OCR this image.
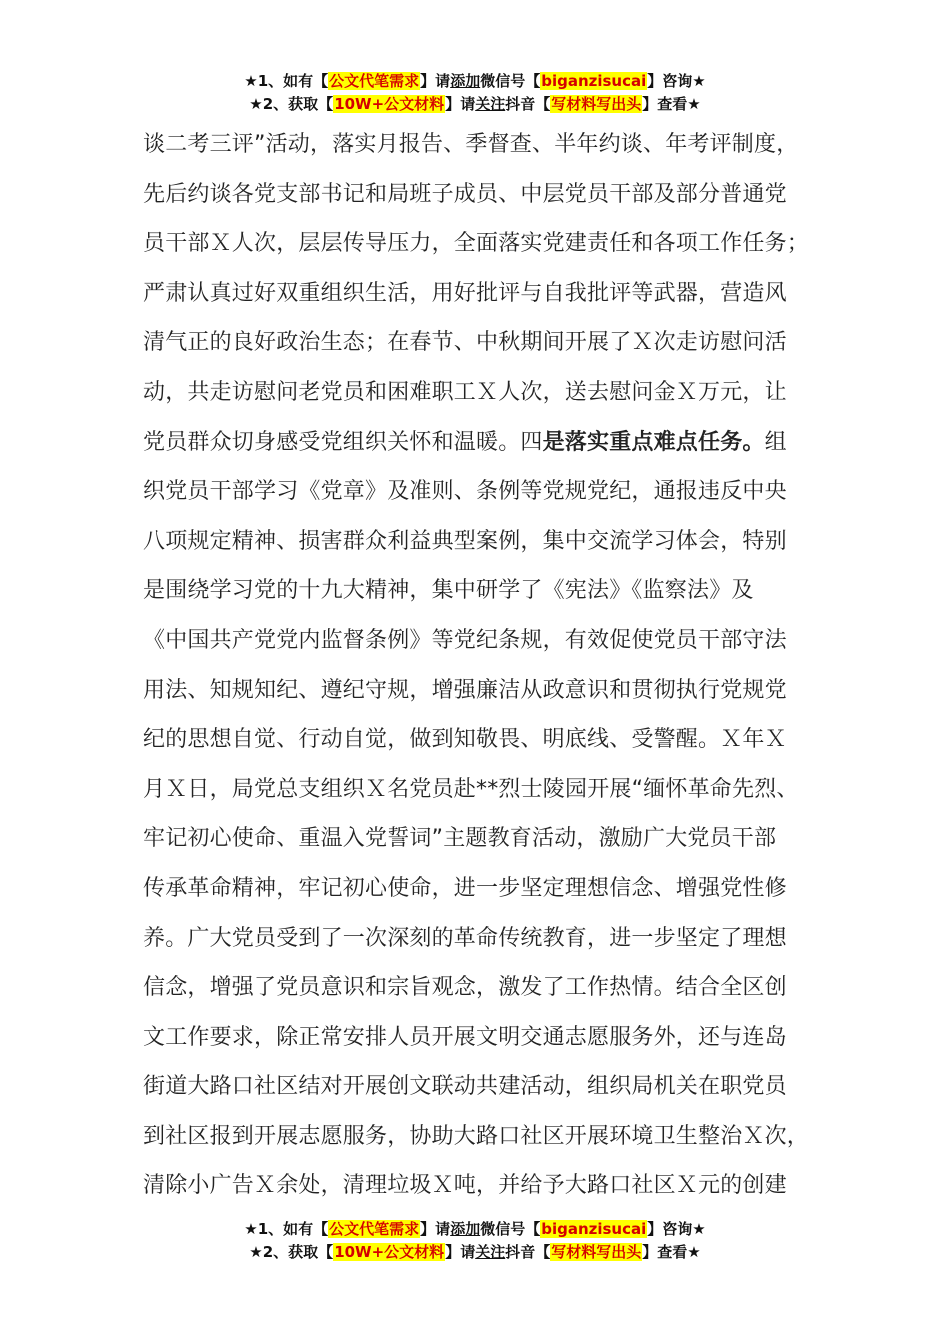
★1、如有【公文代笔需求】请添加微信号【biganzisucai】咨询★
★2、获取【10W+公文材料】请关注抖音【写材料写出头】查看★
谈二考三评”活动，落实月报告、季督查、半年约谈、年考评制度，
先后约谈各党支部书记和局班子成员、中层党员干部及部分普通党
员干部Ｘ人次，层层传导压力，全面落实党建责任和各项工作任务；
严肃认真过好双重组织生活，用好批评与自我批评等武器，营造风
清气正的良好政治生态；在春节、中秋期间开展了Ｘ次走访慰问活
动，共走访慰问老党员和困难职工Ｘ人次，送去慰问金Ｘ万元，让
党员群众切身感受党组织关怀和温暖。四是落实重点难点任务。组
织党员干部学习《党章》及准则、条例等党规党纪，通报违反中央
八项规定精神、损害群众利益典型案例，集中交流学习体会，特别
是围绕学习党的十九大精神，集中研学了《宪法》《监察法》及
《中国共产党党内监督条例》等党纪条规，有效促使党员干部守法
用法、知规知纪、遵纪守规，增强廉洁从政意识和贯彻执行党规党
纪的思想自觉、行动自觉，做到知敬畏、明底线、受警醒。Ｘ年Ｘ
月Ｘ日，局党总支组织Ｘ名党员赴**烈士陵园开展“缅怀革命先烈、
牢记初心使命、重温入党誓词”主题教育活动，激励广大党员干部
传承革命精神，牢记初心使命，进一步坚定理想信念、增强党性修
养。广大党员受到了一次深刻的革命传统教育，进一步坚定了理想
信念，增强了党员意识和宗旨观念，激发了工作热情。结合全区创
文工作要求，除正常安排人员开展文明交通志愿服务外，还与连岛
街道大路口社区结对开展创文联动共建活动，组织局机关在职党员
到社区报到开展志愿服务，协助大路口社区开展环境卫生整治Ｘ次，
清除小广告Ｘ余处，清理垃圾Ｘ吨，并给予大路口社区Ｘ元的创建
★1、如有【公文代笔需求】请添加微信号【biganzisucai】咨询★
★2、获取【10W+公文材料】请关注抖音【写材料写出头】查看★
